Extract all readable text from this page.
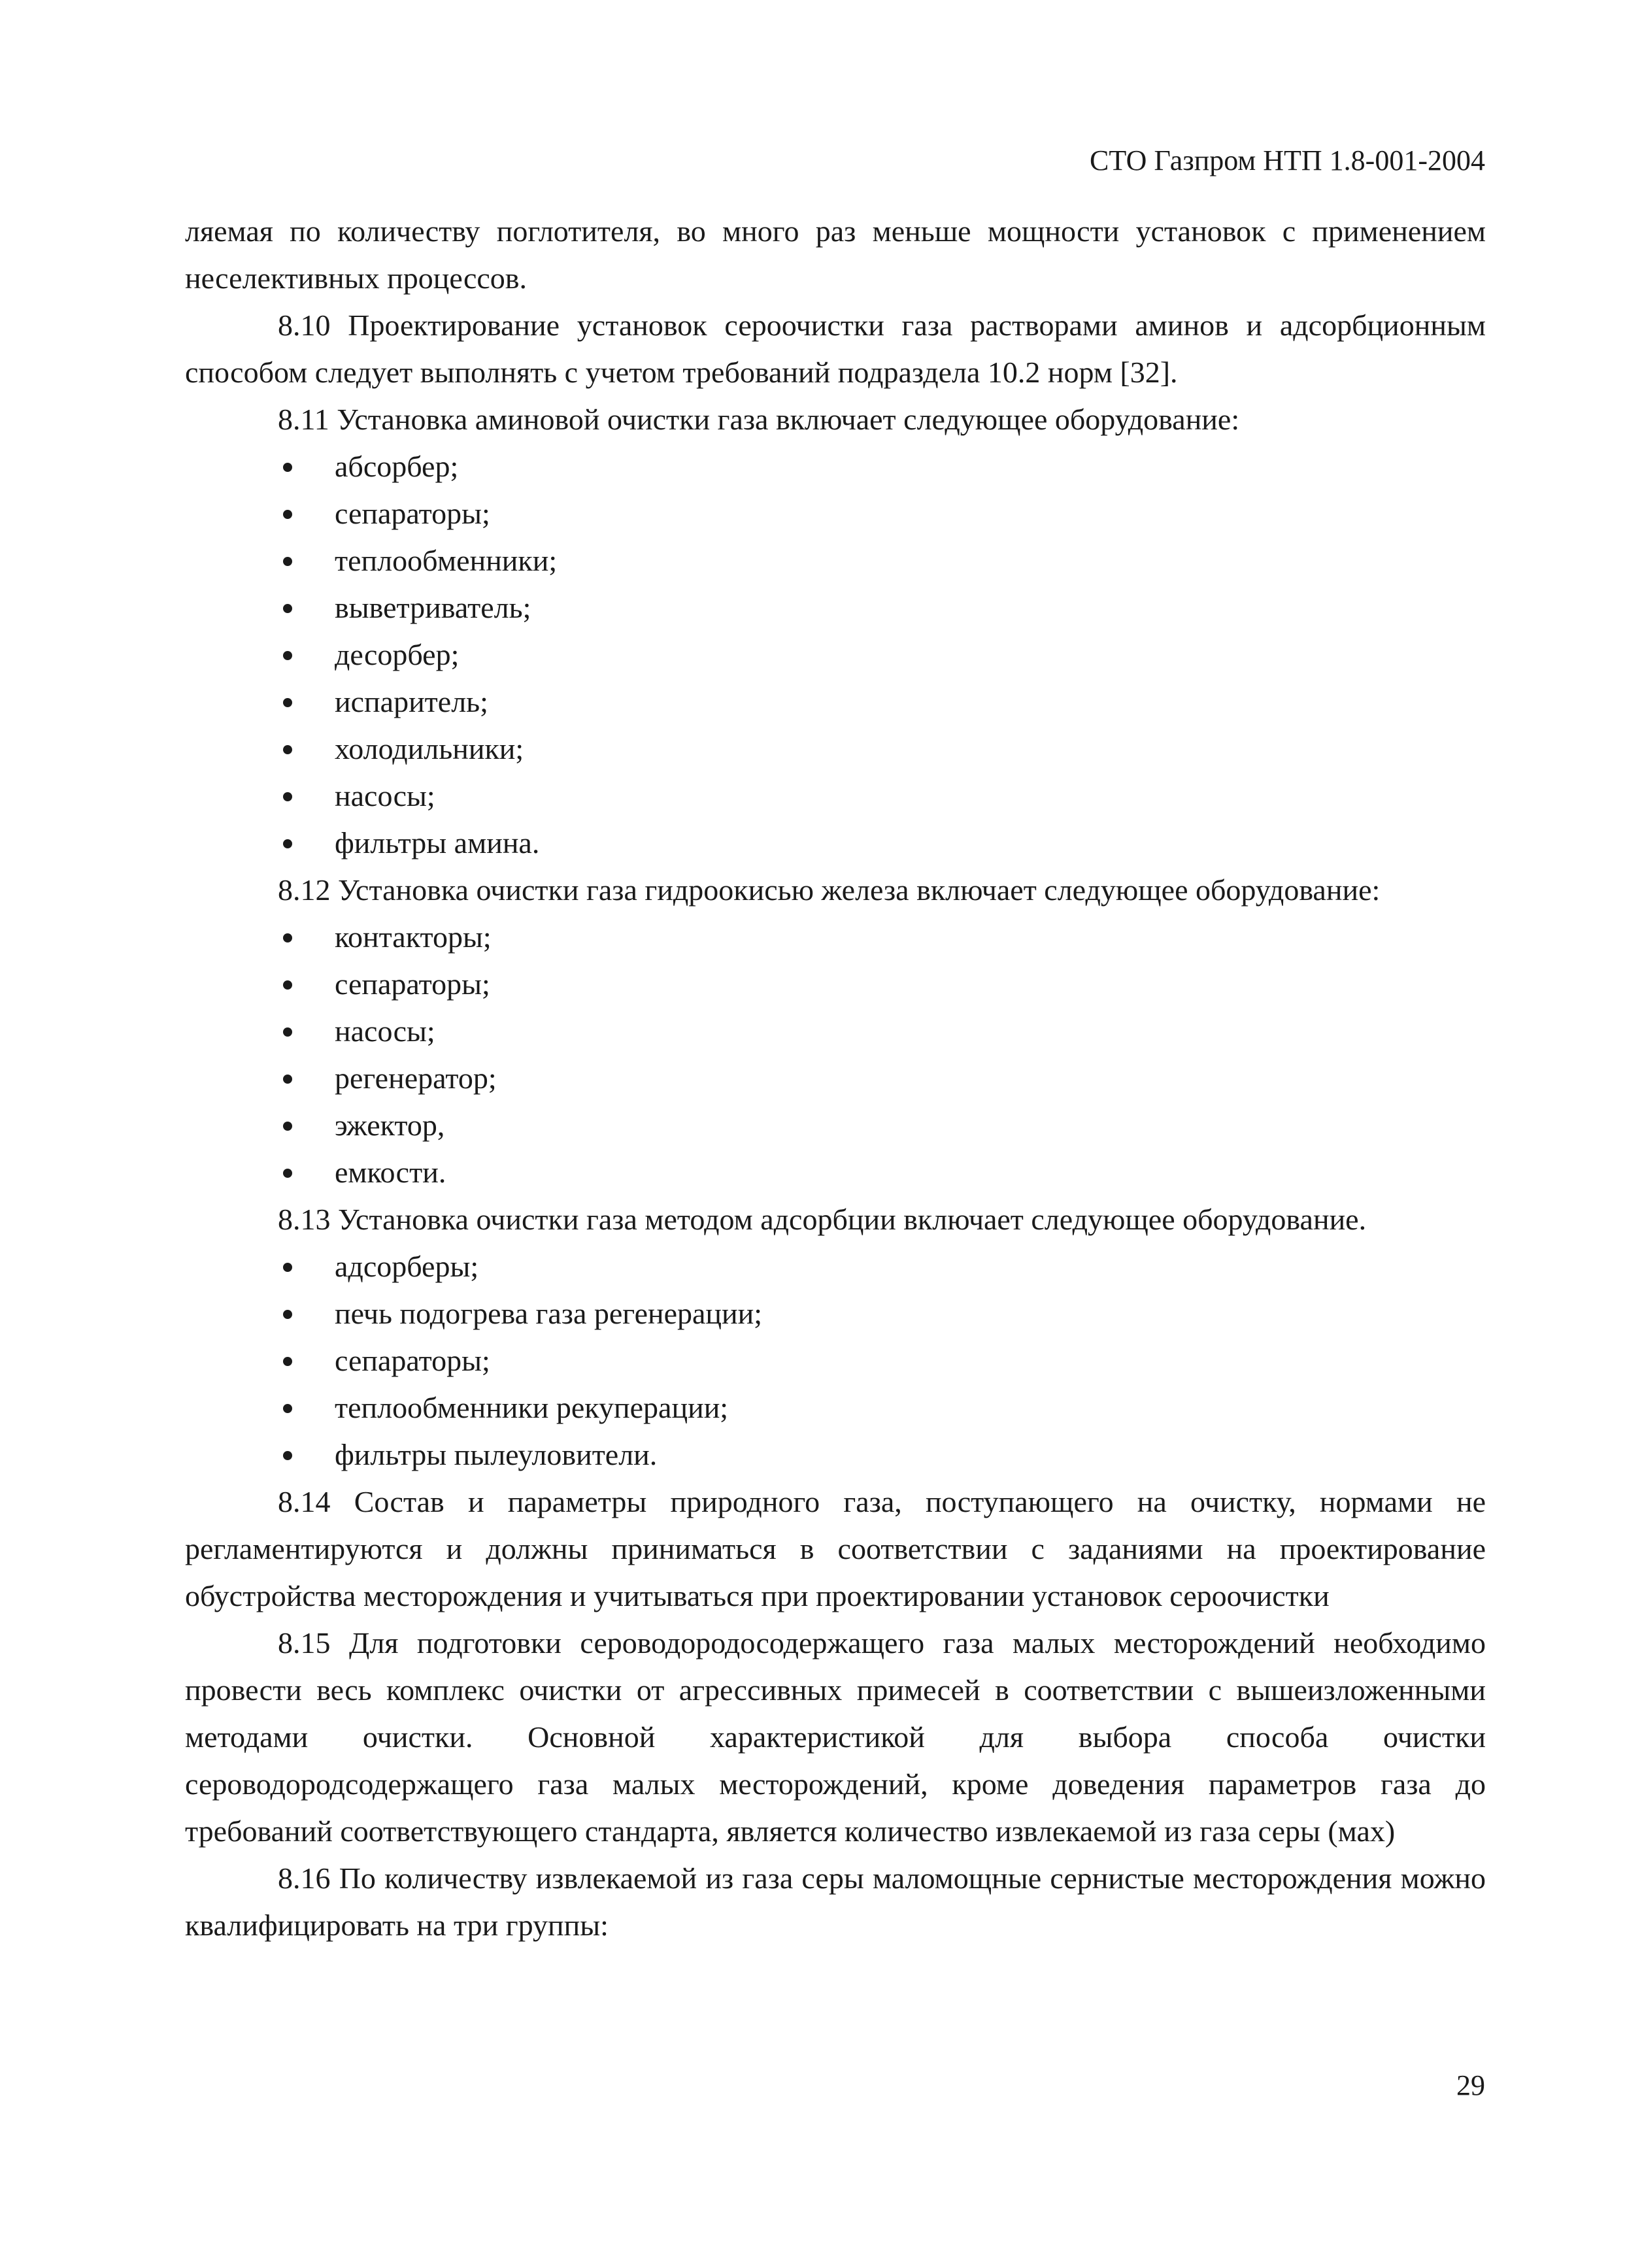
СТО Газпром НТП 1.8-001-2004

ляемая по количеству поглотителя, во много раз меньше мощности установок с применением неселективных процессов.

8.10 Проектирование установок сероочистки газа растворами аминов и адсорбционным способом следует выполнять с учетом требований подраздела 10.2 норм [32].

8.11 Установка аминовой очистки газа включает следующее оборудование:

абсорбер;
сепараторы;
теплообменники;
выветриватель;
десорбер;
испаритель;
холодильники;
насосы;
фильтры амина.

8.12 Установка очистки газа гидроокисью железа включает следующее оборудование:

контакторы;
сепараторы;
насосы;
регенератор;
эжектор,
емкости.

8.13 Установка очистки газа методом адсорбции включает следующее оборудование.

адсорберы;
печь подогрева газа регенерации;
сепараторы;
теплообменники рекуперации;
фильтры пылеуловители.

8.14 Состав и параметры природного газа, поступающего на очистку, нормами не регламентируются и должны приниматься в соответствии с заданиями на проектирование обустройства месторождения и учитываться при проектировании установок сероочистки

8.15 Для подготовки сероводородосодержащего газа малых месторождений необходимо провести весь комплекс очистки от агрессивных примесей в соответствии с вышеизложенными методами очистки. Основной характеристикой для выбора способа очистки сероводородсодержащего газа малых месторождений, кроме доведения параметров газа до требований соответствующего стандарта, является количество извлекаемой из газа серы (мах)

8.16 По количеству извлекаемой из газа серы маломощные сернистые месторождения можно квалифицировать на три группы:

29
